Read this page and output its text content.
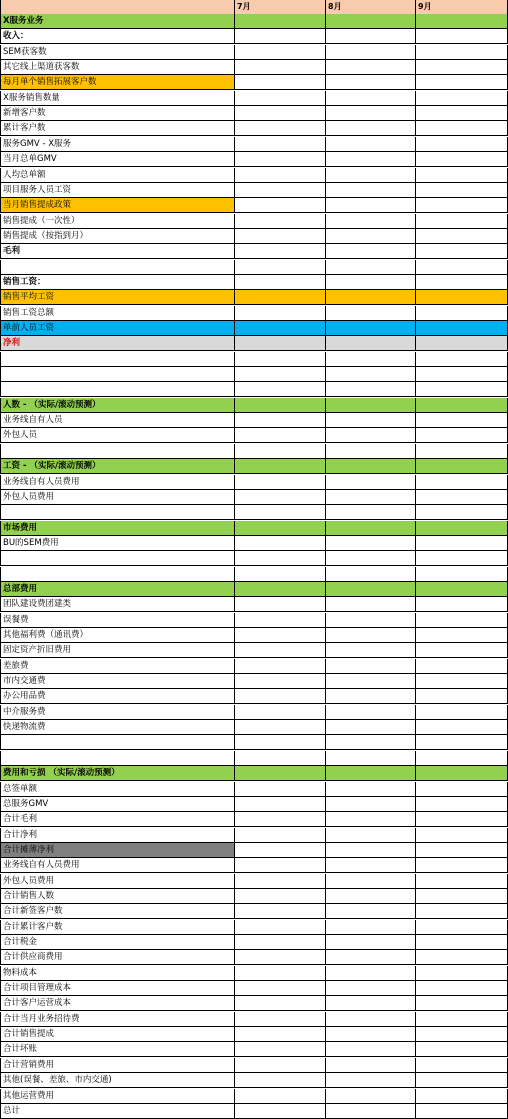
7月	8月	9月
X服务业务
收入：
SEM获客数
其它线上渠道获客数
每月单个销售拓展客户数
X服务销售数量
新增客户数
累计客户数
服务GMV - X服务
当月总单GMV
人均总单额
项目服务人员工资
当月销售提成政策
销售提成（一次性）
销售提成（按指到月）
毛利
销售工资：
销售平均工资
销售工资总额
单前人员工资
净利
人数 - （实际/滚动预测）
业务线自有人员
外包人员
工资 - （实际/滚动预测）
业务线自有人员费用
外包人员费用
市场费用
BU的SEM费用
总部费用
团队建设费团建类
误餐费
其他福利费（通讯费）
固定资产折旧费用
差旅费
市内交通费
办公用品费
中介服务费
快递物流费
费用和亏损 （实际/滚动预测）
总签单额
总服务GMV
合计毛利
合计净利
合计摊薄净利
业务线自有人员费用
外包人员费用
合计销售人数
合计新签客户数
合计累计客户数
合计税金
合计供应商费用
物料成本
合计项目管理成本
合计客户运营成本
合计当月业务招待费
合计销售提成
合计坏账
合计营销费用
其他(误餐、差旅、市内交通)
其他运营费用
总计
